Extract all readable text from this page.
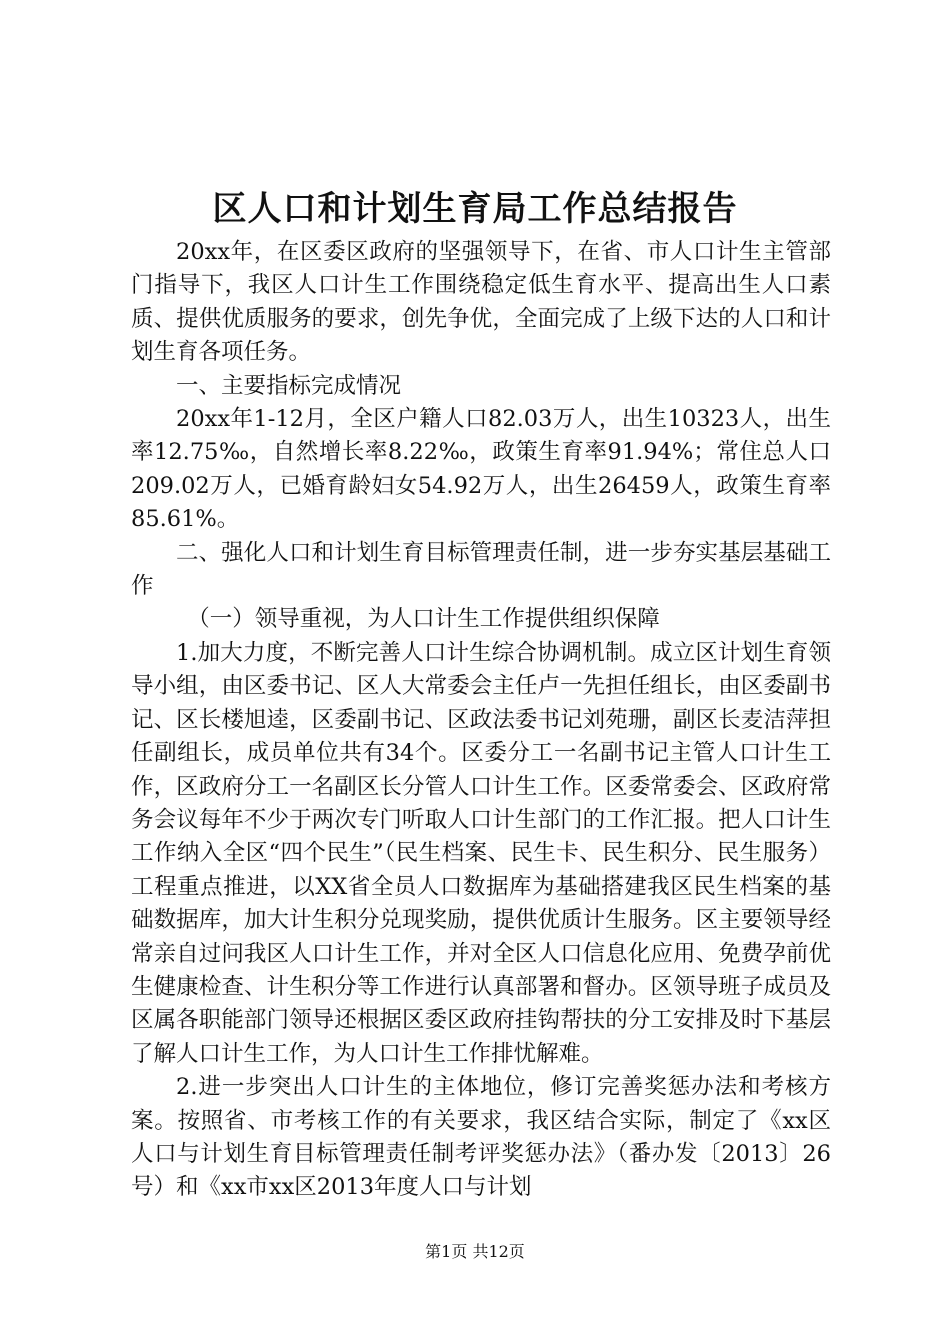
区人口和计划生育局工作总结报告

20xx年，在区委区政府的坚强领导下，在省、市人口计生主管部门指导下，我区人口计生工作围绕稳定低生育水平、提高出生人口素质、提供优质服务的要求，创先争优，全面完成了上级下达的人口和计划生育各项任务。

一、主要指标完成情况

20xx年1-12月，全区户籍人口82.03万人，出生10323人，出生率12.75‰，自然增长率8.22‰，政策生育率91.94%；常住总人口209.02万人，已婚育龄妇女54.92万人，出生26459人，政策生育率85.61%。

二、强化人口和计划生育目标管理责任制，进一步夯实基层基础工作

（一）领导重视，为人口计生工作提供组织保障

1.加大力度，不断完善人口计生综合协调机制。成立区计划生育领导小组，由区委书记、区人大常委会主任卢一先担任组长，由区委副书记、区长楼旭逵，区委副书记、区政法委书记刘苑珊，副区长麦洁萍担任副组长，成员单位共有34个。区委分工一名副书记主管人口计生工作，区政府分工一名副区长分管人口计生工作。区委常委会、区政府常务会议每年不少于两次专门听取人口计生部门的工作汇报。把人口计生工作纳入全区“四个民生”（民生档案、民生卡、民生积分、民生服务）工程重点推进，以XX省全员人口数据库为基础搭建我区民生档案的基础数据库，加大计生积分兑现奖励，提供优质计生服务。区主要领导经常亲自过问我区人口计生工作，并对全区人口信息化应用、免费孕前优生健康检查、计生积分等工作进行认真部署和督办。区领导班子成员及区属各职能部门领导还根据区委区政府挂钩帮扶的分工安排及时下基层了解人口计生工作，为人口计生工作排忧解难。

2.进一步突出人口计生的主体地位，修订完善奖惩办法和考核方案。按照省、市考核工作的有关要求，我区结合实际，制定了《xx区人口与计划生育目标管理责任制考评奖惩办法》（番办发〔2013〕26号）和《xx市xx区2013年度人口与计划

第1页 共12页
